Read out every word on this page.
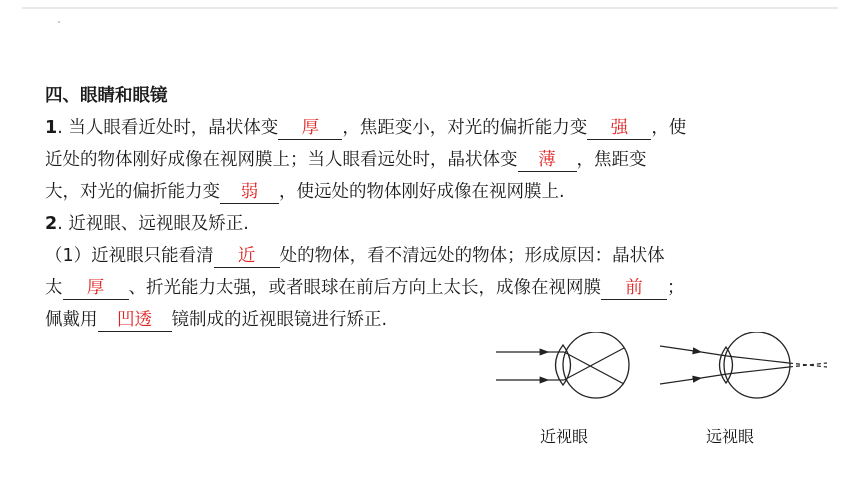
四、眼睛和眼镜
1. 当人眼看近处时，晶状体变 厚 ，焦距变小，对光的偏折能力变 强 ，使
近处的物体刚好成像在视网膜上；当人眼看远处时，晶状体变 薄 ，焦距变
大，对光的偏折能力变 弱 ，使远处的物体刚好成像在视网膜上.
2. 近视眼、远视眼及矫正.
（1）近视眼只能看清 近 处的物体，看不清远处的物体；形成原因：晶状体
太 厚 、折光能力太强，或者眼球在前后方向上太长，成像在视网膜 前 ；
佩戴用 凹透 镜制成的近视眼镜进行矫正.
近视眼	远视眼
